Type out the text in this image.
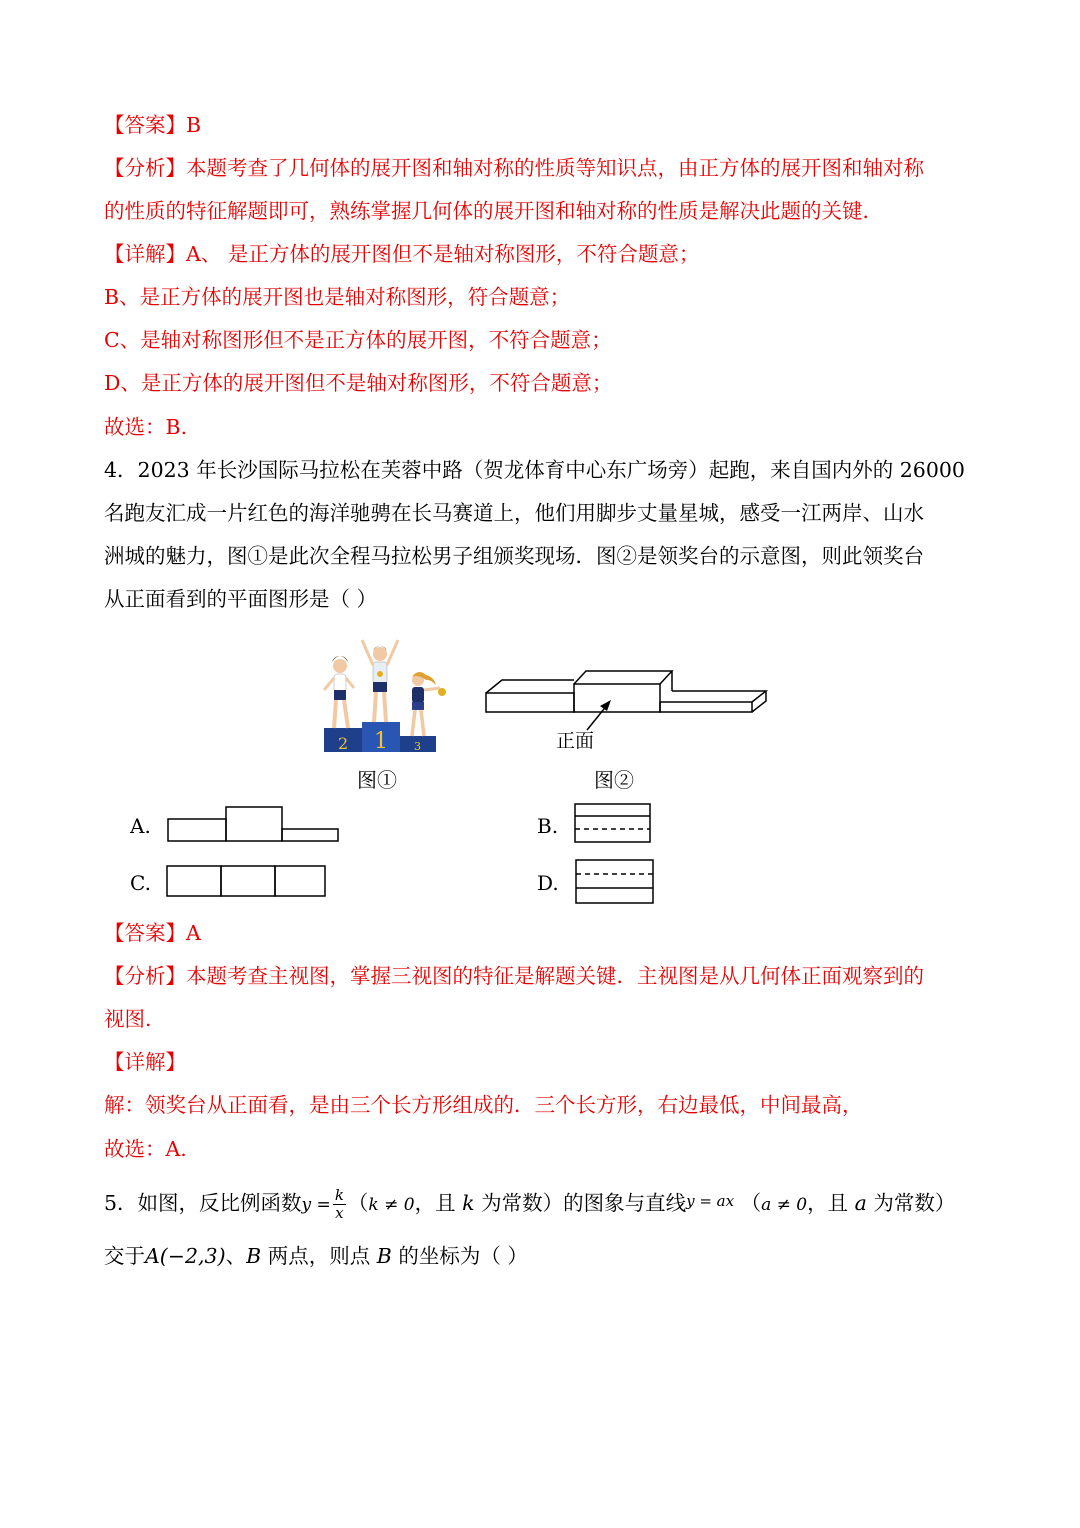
【答案】B
【分析】本题考查了几何体的展开图和轴对称的性质等知识点，由正方体的展开图和轴对称
的性质的特征解题即可，熟练掌握几何体的展开图和轴对称的性质是解决此题的关键．
【详解】A、 是正方体的展开图但不是轴对称图形，不符合题意；
B、是正方体的展开图也是轴对称图形，符合题意；
C、是轴对称图形但不是正方体的展开图，不符合题意；
D、是正方体的展开图但不是轴对称图形，不符合题意；
故选：B.
4．2023 年长沙国际马拉松在芙蓉中路（贺龙体育中心东广场旁）起跑，来自国内外的 26000
名跑友汇成一片红色的海洋驰骋在长马赛道上，他们用脚步丈量星城，感受一江两岸、山水
洲城的魅力，图①是此次全程马拉松男子组颁奖现场．图②是领奖台的示意图，则此领奖台
从正面看到的平面图形是（ ）
2 1 3	正面
图①	图②
A.	B.
C.	D.
【答案】A
【分析】本题考查主视图，掌握三视图的特征是解题关键．主视图是从几何体正面观察到的
视图.
【详解】
解：领奖台从正面看，是由三个长方形组成的．三个长方形，右边最低，中间最高，
故选：A.
5．如图，反比例函数$y = \frac{k}{x} (k \ne 0$，且 k 为常数）的图象与直线y = ax （a ≠ 0，且 a 为常数）
交于A(−2,3)、B 两点，则点 B 的坐标为（ ）
